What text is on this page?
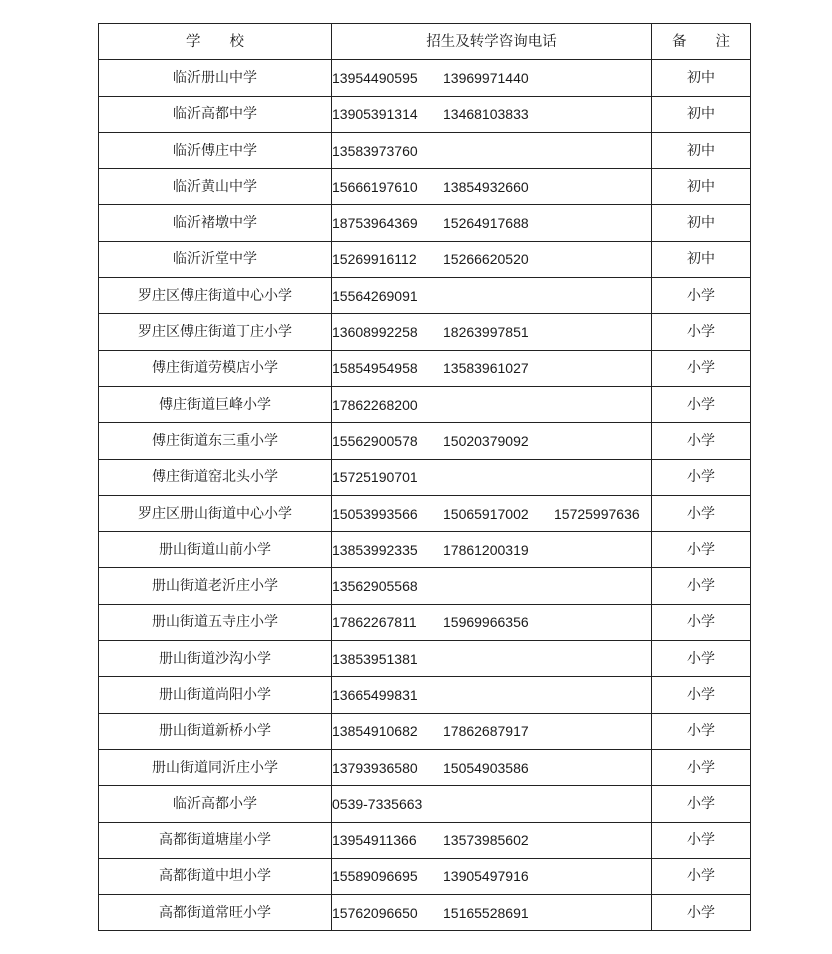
学　　校	招生及转学咨询电话	备　　注
临沂册山中学	13954490595 13969971440	初中
临沂高都中学	13905391314 13468103833	初中
临沂傅庄中学	13583973760	初中
临沂黄山中学	15666197610 13854932660	初中
临沂褚墩中学	18753964369 15264917688	初中
临沂沂堂中学	15269916112 15266620520	初中
罗庄区傅庄街道中心小学	15564269091	小学
罗庄区傅庄街道丁庄小学	13608992258 18263997851	小学
傅庄街道劳模店小学	15854954958 13583961027	小学
傅庄街道巨峰小学	17862268200	小学
傅庄街道东三重小学	15562900578 15020379092	小学
傅庄街道窑北头小学	15725190701	小学
罗庄区册山街道中心小学	15053993566 15065917002 15725997636	小学
册山街道山前小学	13853992335 17861200319	小学
册山街道老沂庄小学	13562905568	小学
册山街道五寺庄小学	17862267811 15969966356	小学
册山街道沙沟小学	13853951381	小学
册山街道尚阳小学	13665499831	小学
册山街道新桥小学	13854910682 17862687917	小学
册山街道同沂庄小学	13793936580 15054903586	小学
临沂高都小学	0539-7335663	小学
高都街道塘崖小学	13954911366 13573985602	小学
高都街道中坦小学	15589096695 13905497916	小学
高都街道常旺小学	15762096650 15165528691	小学
